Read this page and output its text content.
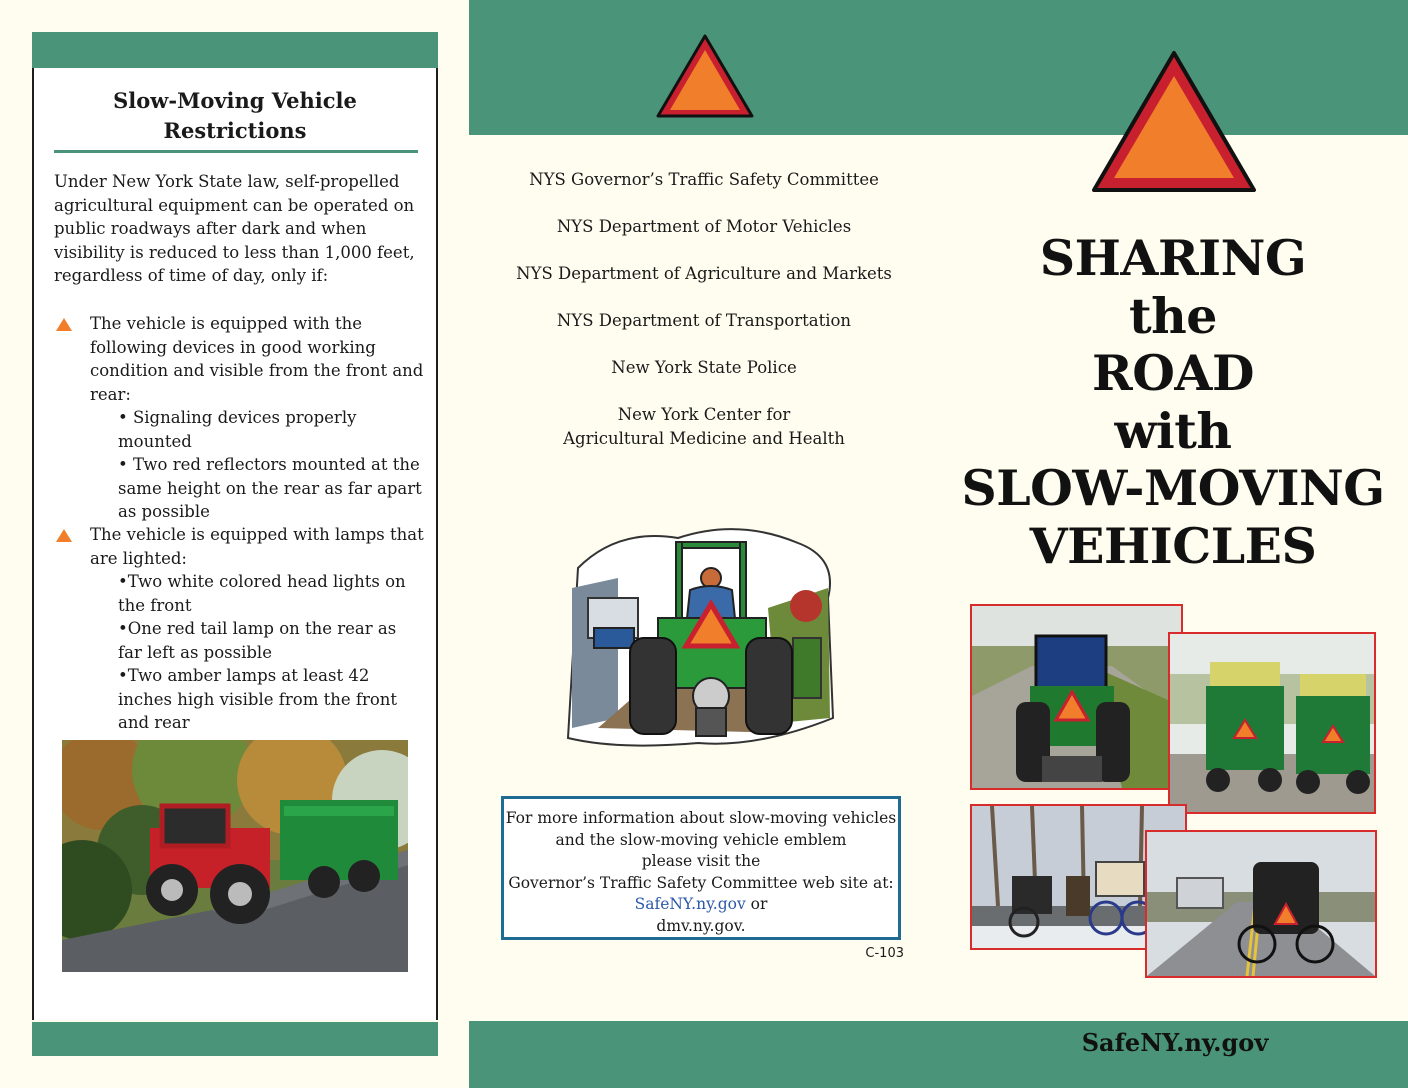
Slow-Moving Vehicle
Restrictions
Under New York State law, self-propelled agricultural equipment can be operated on public roadways after dark and when visibility is reduced to less than 1,000 feet, regardless of time of day, only if:
The vehicle is equipped with the following devices in good working condition and visible from the front and rear:
• Signaling devices properly mounted
• Two red reflectors mounted at the same height on the rear as far apart as possible
The vehicle is equipped with lamps that are lighted:
•Two white colored head lights on the front
•One red tail lamp on the rear as far left as possible
•Two amber lamps at least 42 inches high visible from the front and rear
NYS Governor’s Traffic Safety Committee
NYS Department of Motor Vehicles
NYS Department of Agriculture and Markets
NYS Department of Transportation
New York State Police
New York Center for
Agricultural Medicine and Health
For more information about slow-moving vehicles
and the slow-moving vehicle emblem
please visit the
Governor’s Traffic Safety Committee web site at:
SafeNY.ny.gov or
dmv.ny.gov.
C-103
SHARING
the
ROAD
with
SLOW-MOVING
VEHICLES
SafeNY.ny.gov
